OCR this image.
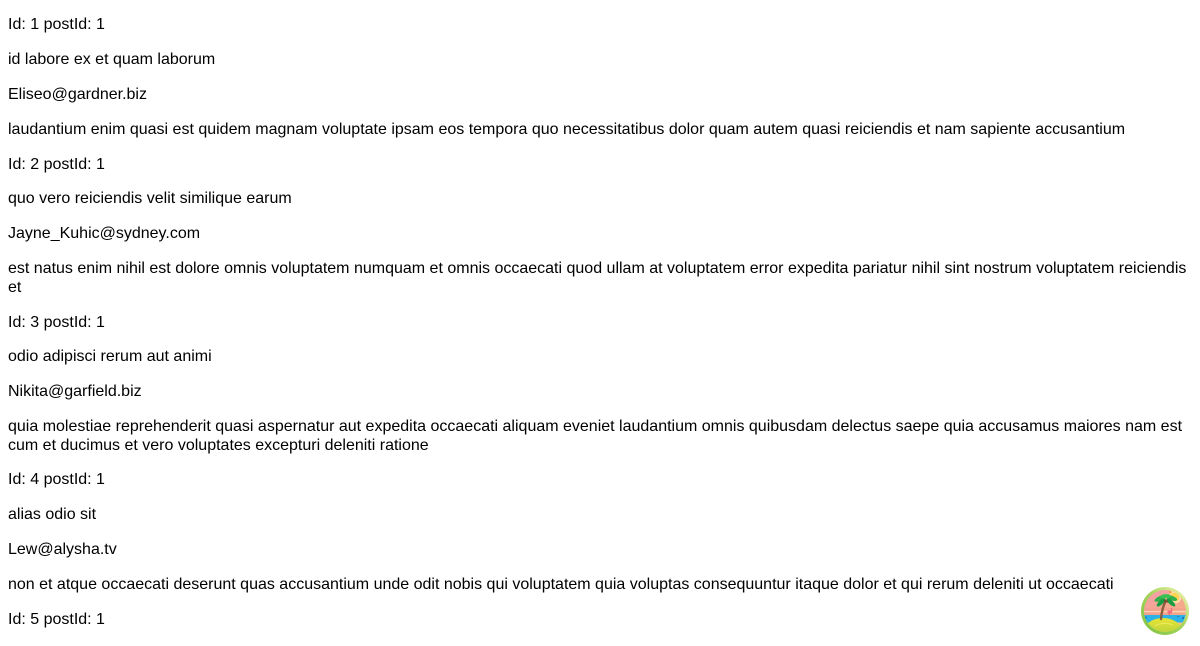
Id: 1 postId: 1

id labore ex et quam laborum

Eliseo@gardner.biz

laudantium enim quasi est quidem magnam voluptate ipsam eos tempora quo necessitatibus dolor quam autem quasi reiciendis et nam sapiente accusantium

Id: 2 postId: 1

quo vero reiciendis velit similique earum

Jayne_Kuhic@sydney.com

est natus enim nihil est dolore omnis voluptatem numquam et omnis occaecati quod ullam at voluptatem error expedita pariatur nihil sint nostrum voluptatem reiciendis et

Id: 3 postId: 1

odio adipisci rerum aut animi

Nikita@garfield.biz

quia molestiae reprehenderit quasi aspernatur aut expedita occaecati aliquam eveniet laudantium omnis quibusdam delectus saepe quia accusamus maiores nam est cum et ducimus et vero voluptates excepturi deleniti ratione

Id: 4 postId: 1

alias odio sit

Lew@alysha.tv

non et atque occaecati deserunt quas accusantium unde odit nobis qui voluptatem quia voluptas consequuntur itaque dolor et qui rerum deleniti ut occaecati

Id: 5 postId: 1
